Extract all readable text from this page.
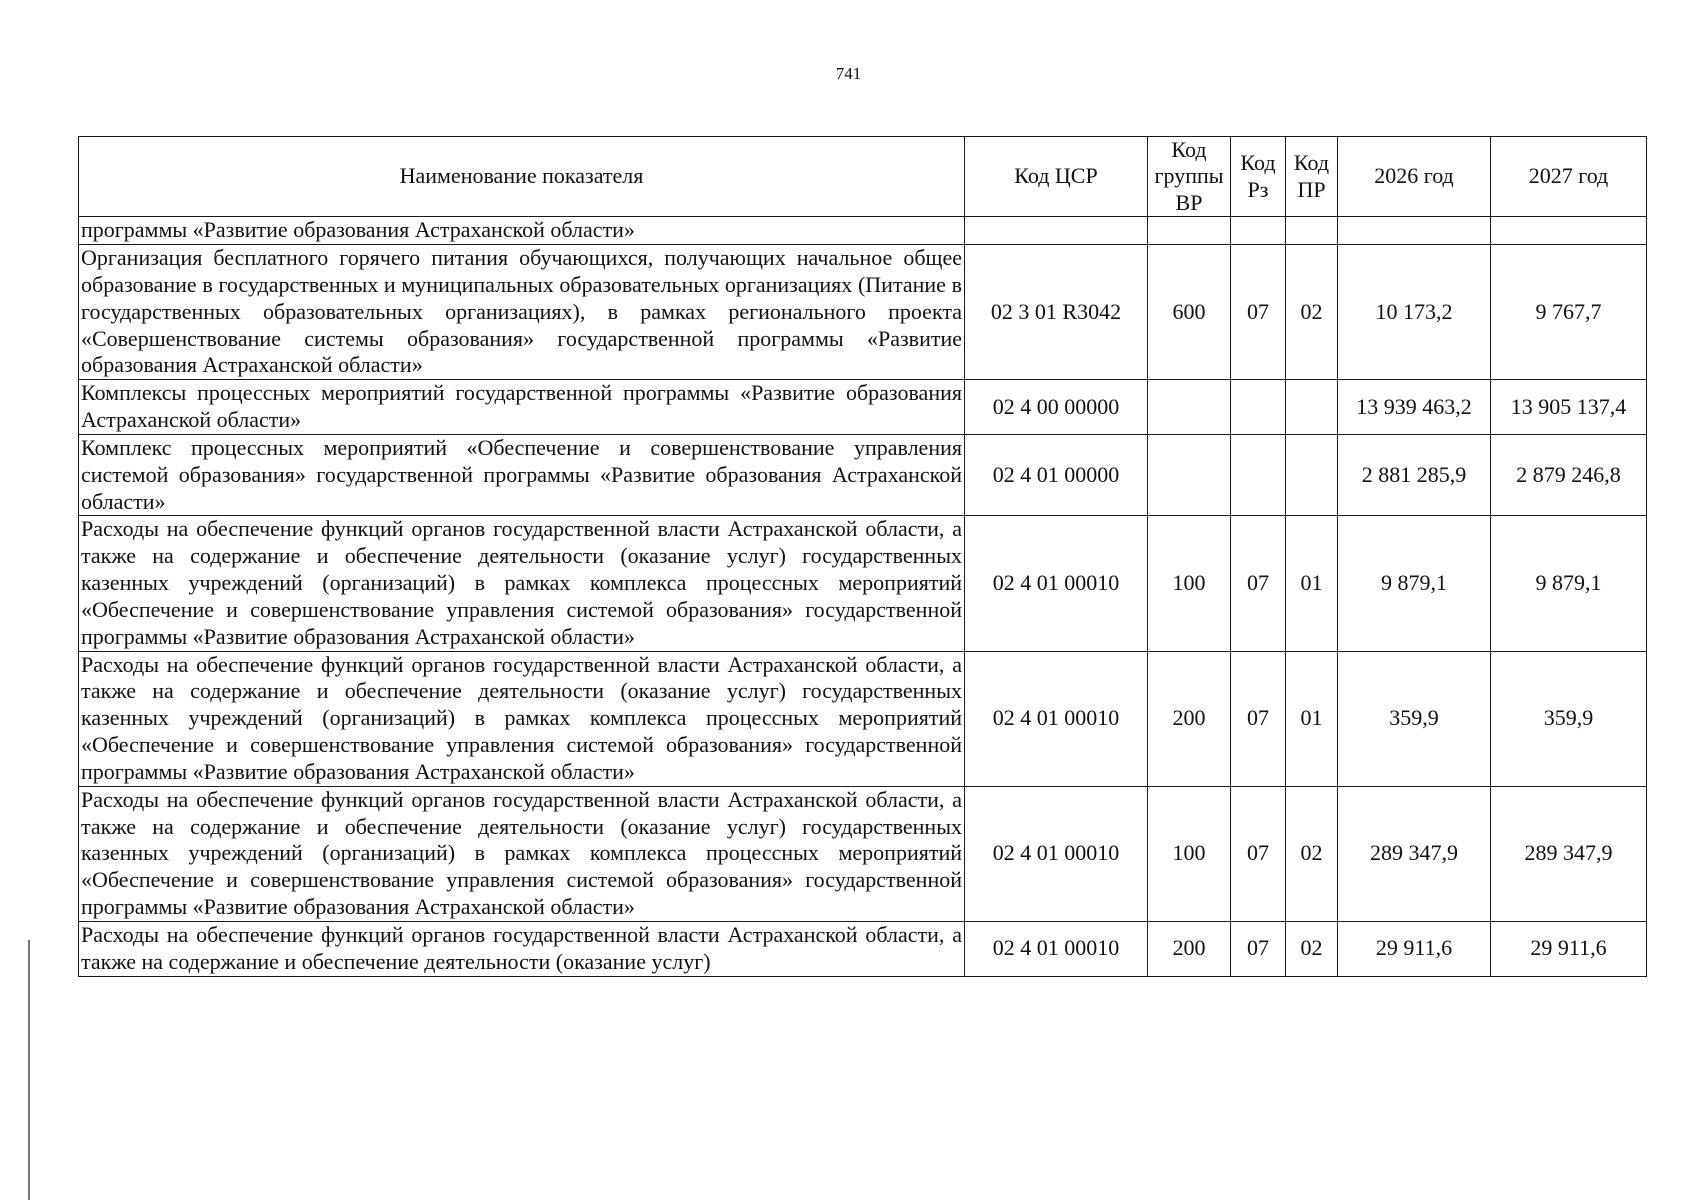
741
Наименование показателя	Код ЦСР	Код группы ВР	Код Рз	Код ПР	2026 год	2027 год
программы «Развитие образования Астраханской области»						
Организация бесплатного горячего питания обучающихся, получающих начальное общее образование в государственных и муниципальных образовательных организациях (Питание в государственных образовательных организациях), в рамках регионального проекта «Совершенствование системы образования» государственной программы «Развитие образования Астраханской области»	02 3 01 R3042	600	07	02	10 173,2	9 767,7
Комплексы процессных мероприятий государственной программы «Развитие образования Астраханской области»	02 4 00 00000				13 939 463,2	13 905 137,4
Комплекс процессных мероприятий «Обеспечение и совершенствование управления системой образования» государственной программы «Развитие образования Астраханской области»	02 4 01 00000				2 881 285,9	2 879 246,8
Расходы на обеспечение функций органов государственной власти Астраханской области, а также на содержание и обеспечение деятельности (оказание услуг) государственных казенных учреждений (организаций) в рамках комплекса процессных мероприятий «Обеспечение и совершенствование управления системой образования» государственной программы «Развитие образования Астраханской области»	02 4 01 00010	100	07	01	9 879,1	9 879,1
Расходы на обеспечение функций органов государственной власти Астраханской области, а также на содержание и обеспечение деятельности (оказание услуг) государственных казенных учреждений (организаций) в рамках комплекса процессных мероприятий «Обеспечение и совершенствование управления системой образования» государственной программы «Развитие образования Астраханской области»	02 4 01 00010	200	07	01	359,9	359,9
Расходы на обеспечение функций органов государственной власти Астраханской области, а также на содержание и обеспечение деятельности (оказание услуг) государственных казенных учреждений (организаций) в рамках комплекса процессных мероприятий «Обеспечение и совершенствование управления системой образования» государственной программы «Развитие образования Астраханской области»	02 4 01 00010	100	07	02	289 347,9	289 347,9
Расходы на обеспечение функций органов государственной власти Астраханской области, а также на содержание и обеспечение деятельности (оказание услуг)	02 4 01 00010	200	07	02	29 911,6	29 911,6
